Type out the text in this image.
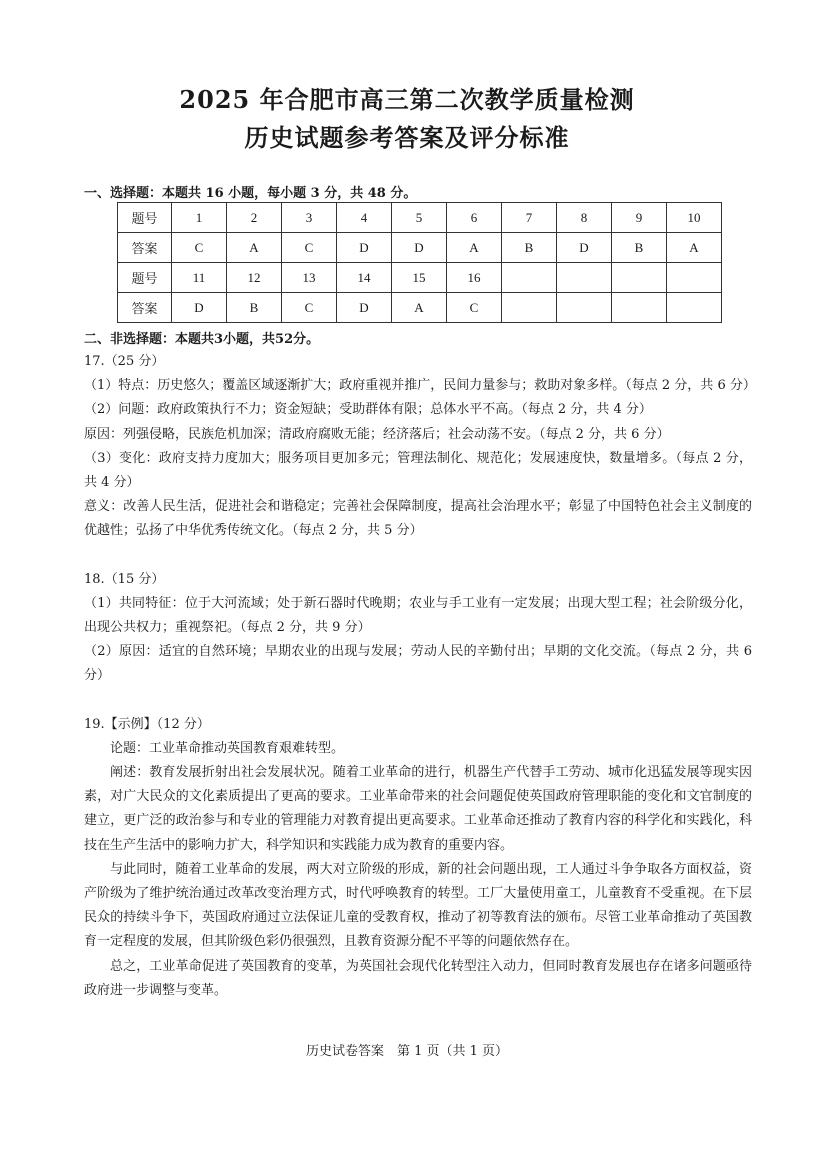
2025 年合肥市高三第二次教学质量检测
历史试题参考答案及评分标准
一、选择题：本题共 16 小题，每小题 3 分，共 48 分。
题号	1	2	3	4	5	6	7	8	9	10
答案	C	A	C	D	D	A	B	D	B	A
题号	11	12	13	14	15	16				
答案	D	B	C	D	A	C				
二、非选择题：本题共3小题，共52分。

17.（25 分）

（1）特点：历史悠久；覆盖区域逐渐扩大；政府重视并推广，民间力量参与；救助对象多样。（每点 2 分，共 6 分）

（2）问题：政府政策执行不力；资金短缺；受助群体有限；总体水平不高。（每点 2 分，共 4 分）

原因：列强侵略，民族危机加深；清政府腐败无能；经济落后；社会动荡不安。（每点 2 分，共 6 分）

（3）变化：政府支持力度加大；服务项目更加多元；管理法制化、规范化；发展速度快，数量增多。（每点 2 分，共 4 分）

意义：改善人民生活，促进社会和谐稳定；完善社会保障制度，提高社会治理水平；彰显了中国特色社会主义制度的优越性；弘扬了中华优秀传统文化。（每点 2 分，共 5 分）

18.（15 分）

（1）共同特征：位于大河流域；处于新石器时代晚期；农业与手工业有一定发展；出现大型工程；社会阶级分化，出现公共权力；重视祭祀。（每点 2 分，共 9 分）

（2）原因：适宜的自然环境；早期农业的出现与发展；劳动人民的辛勤付出；早期的文化交流。（每点 2 分，共 6 分）

19.【示例】（12 分）

论题：工业革命推动英国教育艰难转型。

阐述：教育发展折射出社会发展状况。随着工业革命的进行，机器生产代替手工劳动、城市化迅猛发展等现实因素，对广大民众的文化素质提出了更高的要求。工业革命带来的社会问题促使英国政府管理职能的变化和文官制度的建立，更广泛的政治参与和专业的管理能力对教育提出更高要求。工业革命还推动了教育内容的科学化和实践化，科技在生产生活中的影响力扩大，科学知识和实践能力成为教育的重要内容。

与此同时，随着工业革命的发展，两大对立阶级的形成，新的社会问题出现，工人通过斗争争取各方面权益，资产阶级为了维护统治通过改革改变治理方式，时代呼唤教育的转型。工厂大量使用童工，儿童教育不受重视。在下层民众的持续斗争下，英国政府通过立法保证儿童的受教育权，推动了初等教育法的颁布。尽管工业革命推动了英国教育一定程度的发展，但其阶级色彩仍很强烈，且教育资源分配不平等的问题依然存在。

总之，工业革命促进了英国教育的变革，为英国社会现代化转型注入动力，但同时教育发展也存在诸多问题亟待政府进一步调整与变革。

历史试卷答案　第 1 页（共 1 页）
